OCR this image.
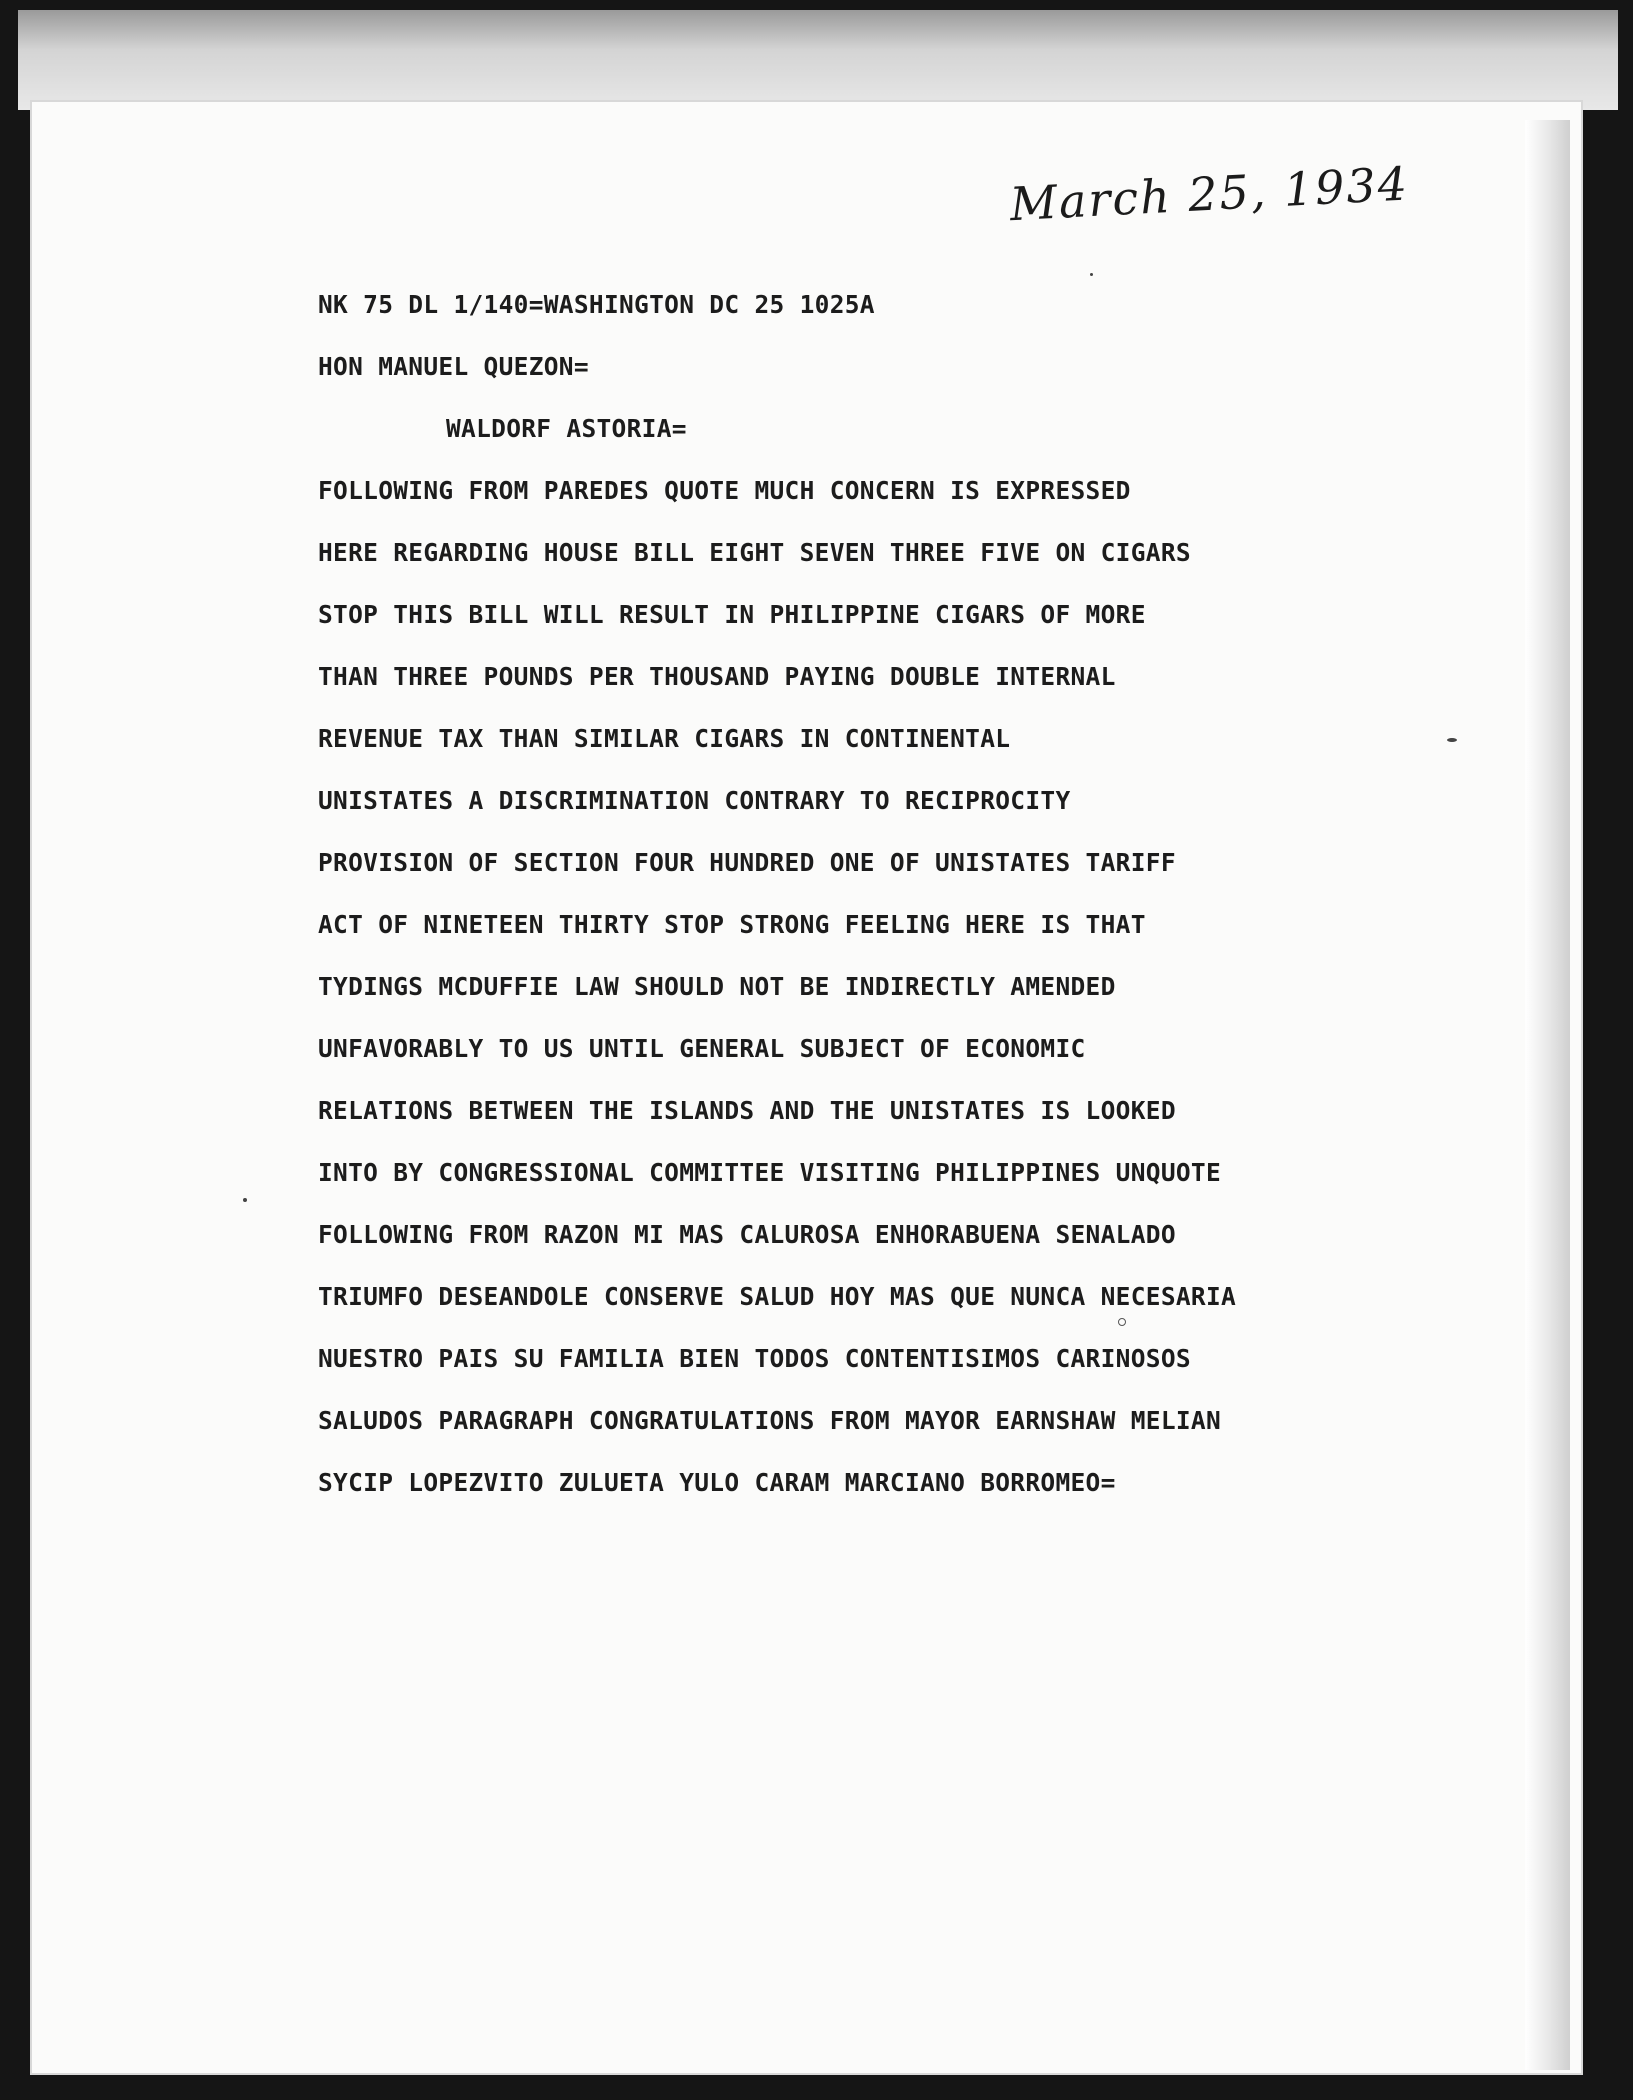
March 25, 1934
NK 75 DL 1/140=WASHINGTON DC 25 1025A
HON MANUEL QUEZON=
WALDORF ASTORIA=
FOLLOWING FROM PAREDES QUOTE MUCH CONCERN IS EXPRESSED
HERE REGARDING HOUSE BILL EIGHT SEVEN THREE FIVE ON CIGARS
STOP THIS BILL WILL RESULT IN PHILIPPINE CIGARS OF MORE
THAN THREE POUNDS PER THOUSAND PAYING DOUBLE INTERNAL
REVENUE TAX THAN SIMILAR CIGARS IN CONTINENTAL
UNISTATES A DISCRIMINATION CONTRARY TO RECIPROCITY
PROVISION OF SECTION FOUR HUNDRED ONE OF UNISTATES TARIFF
ACT OF NINETEEN THIRTY STOP STRONG FEELING HERE IS THAT
TYDINGS MCDUFFIE LAW SHOULD NOT BE INDIRECTLY AMENDED
UNFAVORABLY TO US UNTIL GENERAL SUBJECT OF ECONOMIC
RELATIONS BETWEEN THE ISLANDS AND THE UNISTATES IS LOOKED
INTO BY CONGRESSIONAL COMMITTEE VISITING PHILIPPINES UNQUOTE
FOLLOWING FROM RAZON MI MAS CALUROSA ENHORABUENA SENALADO
TRIUMFO DESEANDOLE CONSERVE SALUD HOY MAS QUE NUNCA NECESARIA
NUESTRO PAIS SU FAMILIA BIEN TODOS CONTENTISIMOS CARINOSOS
SALUDOS PARAGRAPH CONGRATULATIONS FROM MAYOR EARNSHAW MELIAN
SYCIP LOPEZVITO ZULUETA YULO CARAM MARCIANO BORROMEO=
